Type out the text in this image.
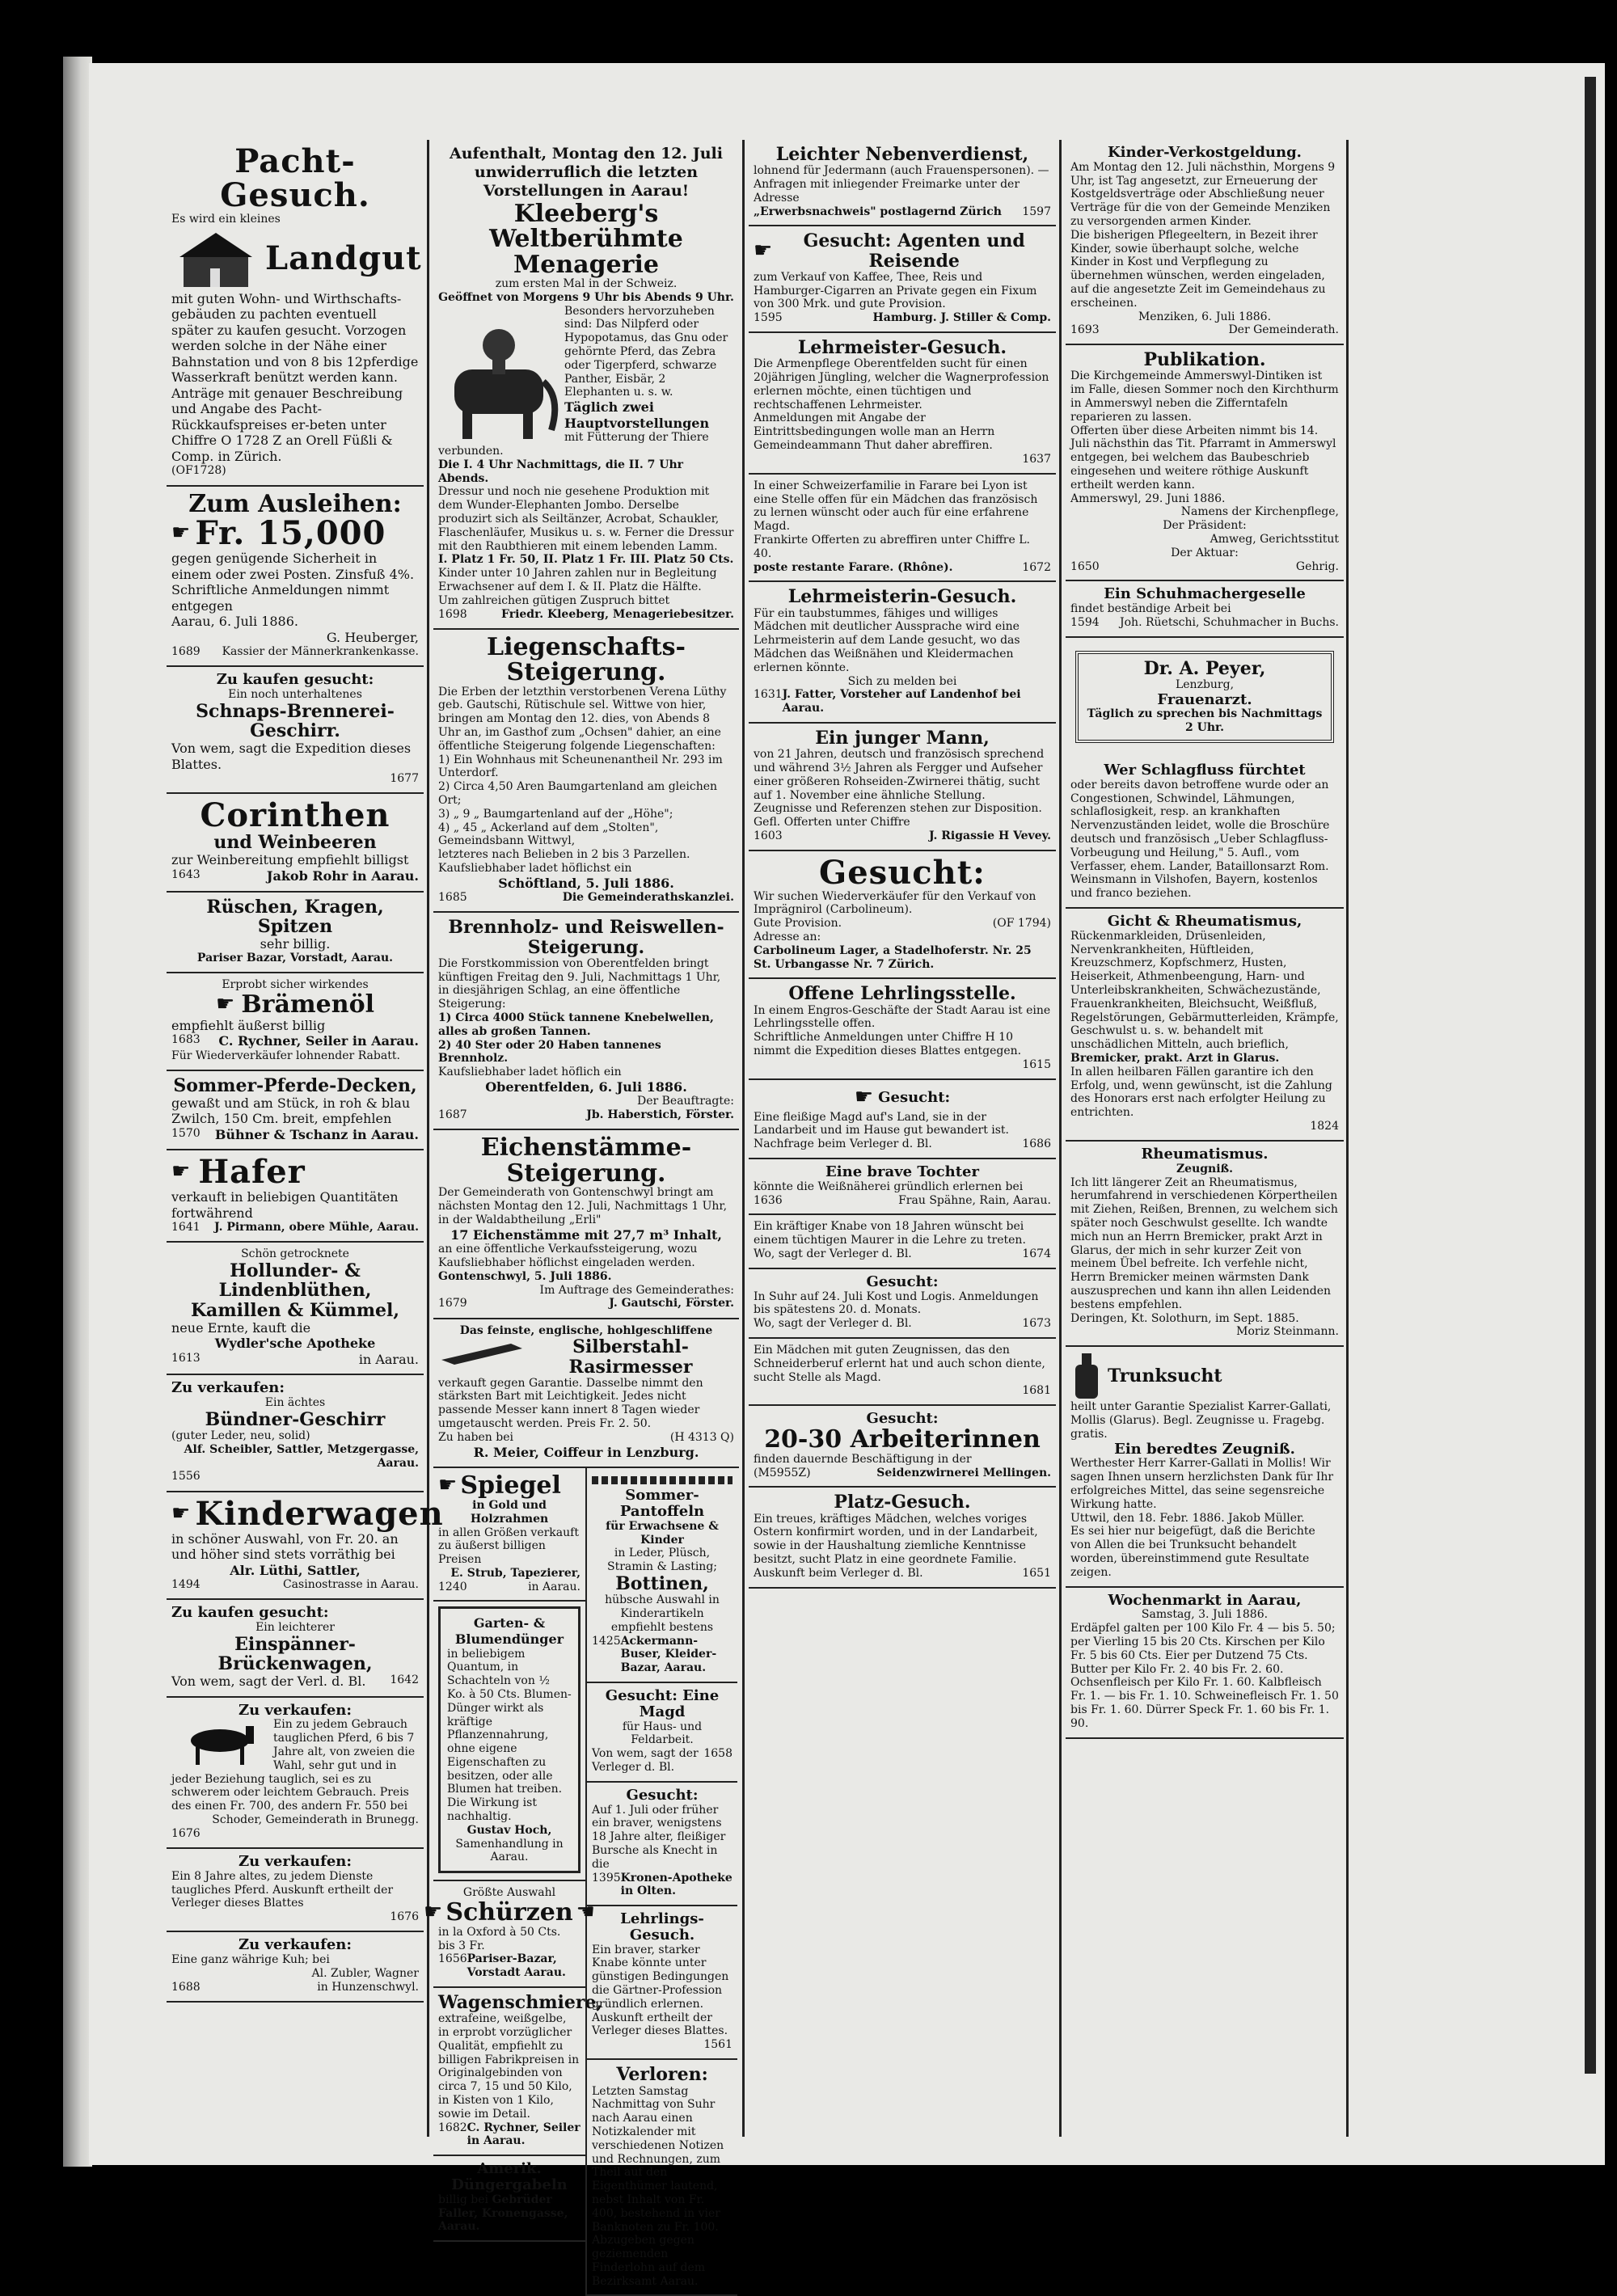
Pacht-Gesuch.
Es wird ein kleines
Landgut
mit guten Wohn- und Wirthschafts-gebäuden zu pachten eventuell später zu kaufen gesucht. Vorzogen werden solche in der Nähe einer Bahnstation und von 8 bis 12pferdige Wasserkraft benützt werden kann.
Anträge mit genauer Beschreibung und Angabe des Pacht- Rückkaufspreises er-beten unter Chiffre O 1728 Z an Orell Füßli & Comp. in Zürich.
(OF1728)
Zum Ausleihen:
☛ Fr. 15,000
gegen genügende Sicherheit in einem oder zwei Posten. Zinsfuß 4%. Schriftliche Anmeldungen nimmt entgegen
Aarau, 6. Juli 1886.
G. Heuberger,
1689 Kassier der Männerkrankenkasse.
Zu kaufen gesucht:
Ein noch unterhaltenes
Schnaps-Brennerei-Geschirr.
Von wem, sagt die Expedition dieses Blattes.
1677
Corinthen
und Weinbeeren
zur Weinbereitung empfiehlt billigst
1643	Jakob Rohr in Aarau.
Rüschen, Kragen, Spitzen
sehr billig.
Pariser Bazar, Vorstadt, Aarau.
Erprobt sicher wirkendes
☛ Brämenöl
empfiehlt äußerst billig
1683 C. Rychner, Seiler in Aarau.
Für Wiederverkäufer lohnender Rabatt.
Sommer-Pferde-Decken,
gewaßt und am Stück, in roh & blau Zwilch, 150 Cm. breit, empfehlen
1570 Bühner & Tschanz in Aarau.
☛ Hafer
verkauft in beliebigen Quantitäten fortwährend
1641 J. Pirmann, obere Mühle, Aarau.
Schön getrocknete
Hollunder- & Lindenblüthen, Kamillen & Kümmel,
neue Ernte, kauft die
Wydler'sche Apotheke
1613	in Aarau.
Zu verkaufen:
Ein ächtes
Bündner-Geschirr
(guter Leder, neu, solid)
Alf. Scheibler, Sattler, Metzgergasse, Aarau.
1556
☛ Kinderwagen
in schöner Auswahl, von Fr. 20. an und höher sind stets vorräthig bei
Alr. Lüthi, Sattler,
1494	Casinostrasse in Aarau.
Zu kaufen gesucht:
Ein leichterer
Einspänner-Brückenwagen,
Von wem, sagt der Verl. d. Bl. 1642
Zu verkaufen:
Ein zu jedem Gebrauch tauglichen Pferd, 6 bis 7 Jahre alt, von zweien die Wahl, sehr gut und in jeder Beziehung tauglich, sei es zu schwerem oder leichtem Gebrauch. Preis des einen Fr. 700, des andern Fr. 550 bei
Schoder, Gemeinderath in Brunegg.
1676
Zu verkaufen:
Ein 8 Jahre altes, zu jedem Dienste taugliches Pferd. Auskunft ertheilt der Verleger dieses Blattes
1676
Zu verkaufen:
Eine ganz währige Kuh; bei
Al. Zubler, Wagner
1688	in Hunzenschwyl.
Aufenthalt, Montag den 12. Juli unwiderruflich die letzten Vorstellungen in Aarau!
Kleeberg's
Weltberühmte Menagerie
zum ersten Mal in der Schweiz.
Geöffnet von Morgens 9 Uhr bis Abends 9 Uhr.
Besonders hervorzuheben sind: Das Nilpferd oder Hypopotamus, das Gnu oder gehörnte Pferd, das Zebra oder Tigerpferd, schwarze Panther, Eisbär, 2 Elephanten u. s. w.
Täglich zwei Hauptvorstellungen
mit Fütterung der Thiere verbunden.
Die I. 4 Uhr Nachmittags, die II. 7 Uhr Abends.
Dressur und noch nie gesehene Produktion mit dem Wunder-Elephanten Jombo. Derselbe produzirt sich als Seiltänzer, Acrobat, Schaukler, Flaschenläufer, Musikus u. s. w. Ferner die Dressur mit den Raubthieren mit einem lebenden Lamm.
I. Platz 1 Fr. 50, II. Platz 1 Fr. III. Platz 50 Cts.
Kinder unter 10 Jahren zahlen nur in Begleitung Erwachsener auf dem I. & II. Platz die Hälfte.
Um zahlreichen gütigen Zuspruch bittet
1698	Friedr. Kleeberg, Menageriebesitzer.
Liegenschafts-Steigerung.
Die Erben der letzthin verstorbenen Verena Lüthy geb. Gautschi, Rütischule sel. Wittwe von hier, bringen am Montag den 12. dies, von Abends 8 Uhr an, im Gasthof zum „Ochsen" dahier, an eine öffentliche Steigerung folgende Liegenschaften:
1) Ein Wohnhaus mit Scheunenantheil Nr. 293 im Unterdorf.
2) Circa 4,50 Aren Baumgartenland am gleichen Ort;
3) „ 9 „ Baumgartenland auf der „Höhe";
4) „ 45 „ Ackerland auf dem „Stolten", Gemeindsbann Wittwyl,
letzteres nach Belieben in 2 bis 3 Parzellen. Kaufsliebhaber ladet höflichst ein
Schöftland, 5. Juli 1886.
1685	Die Gemeinderathskanzlei.
Brennholz- und Reiswellen-Steigerung.
Die Forstkommission von Oberentfelden bringt künftigen Freitag den 9. Juli, Nachmittags 1 Uhr, in diesjährigen Schlag, an eine öffentliche Steigerung:
1) Circa 4000 Stück tannene Knebelwellen, alles ab großen Tannen.
2) 40 Ster oder 20 Haben tannenes Brennholz.
Kaufsliebhaber ladet höflich ein
Oberentfelden, 6. Juli 1886.
Der Beauftragte:
1687	Jb. Haberstich, Förster.
Eichenstämme-Steigerung.
Der Gemeinderath von Gontenschwyl bringt am nächsten Montag den 12. Juli, Nachmittags 1 Uhr, in der Waldabtheilung „Erli"
17 Eichenstämme mit 27,7 m³ Inhalt,
an eine öffentliche Verkaufssteigerung, wozu Kaufsliebhaber höflichst eingeladen werden.
Gontenschwyl, 5. Juli 1886.
Im Auftrage des Gemeinderathes:
1679	J. Gautschi, Förster.
Das feinste, englische, hohlgeschliffene
Silberstahl-Rasirmesser
verkauft gegen Garantie. Dasselbe nimmt den stärksten Bart mit Leichtigkeit. Jedes nicht passende Messer kann innert 8 Tagen wieder umgetauscht werden. Preis Fr. 2. 50.
Zu haben bei	(H 4313 Q)
R. Meier, Coiffeur in Lenzburg.
☛ Spiegel
in Gold und Holzrahmen
in allen Größen verkauft zu äußerst billigen Preisen
E. Strub, Tapezierer,
1240	in Aarau.
Garten- & Blumendünger
in beliebigem Quantum, in Schachteln von ½ Ko. à 50 Cts. Blumen-Dünger wirkt als kräftige Pflanzennahrung, ohne eigene Eigenschaften zu besitzen, oder alle Blumen hat treiben. Die Wirkung ist nachhaltig.
Gustav Hoch,
Samenhandlung in Aarau.
Größte Auswahl
☛ Schürzen ☚
in la Oxford à 50 Cts. bis 3 Fr.
1656 Pariser-Bazar, Vorstadt Aarau.
Wagenschmiere,
extrafeine, weißgelbe, in erprobt vorzüglicher Qualität, empfiehlt zu billigen Fabrikpreisen in Originalgebinden von circa 7, 15 und 50 Kilo, in Kisten von 1 Kilo, sowie im Detail.
1682 C. Rychner, Seiler in Aarau.
Amerik. Düngergabeln
billig bei Gebrüder Faller, Kronengasse, Aarau.
Sommer-Pantoffeln
für Erwachsene & Kinder
in Leder, Plüsch, Stramin & Lasting;
Bottinen,
hübsche Auswahl in Kinderartikeln empfiehlt bestens
1425 Ackermann-Buser, Kleider-Bazar, Aarau.
Gesucht: Eine Magd
für Haus- und Feldarbeit.
Von wem, sagt der Verleger d. Bl.
1658
Gesucht:
Auf 1. Juli oder früher ein braver, wenigstens 18 Jahre alter, fleißiger Bursche als Knecht in die
1395 Kronen-Apotheke in Olten.
Lehrlings-Gesuch.
Ein braver, starker Knabe könnte unter günstigen Bedingungen die Gärtner-Profession gründlich erlernen. Auskunft ertheilt der Verleger dieses Blattes.
1561
Verloren:
Letzten Samstag Nachmittag von Suhr nach Aarau einen Notizkalender mit verschiedenen Notizen und Rechnungen, zum Theil auf den Eigenthümer lautend, nebst Inhalt von Fr. 400, bestehend in vier Banknoten zu Fr. 100.
Abzugeben gegen geziemenden Finderlohn auf dem Bezirksamt Aarau.
Leichter Nebenverdienst,
lohnend für Jedermann (auch Frauenspersonen). — Anfragen mit inliegender Freimarke unter der Adresse
„Erwerbsnachweis" postlagernd Zürich 1597
☛	Gesucht: Agenten und Reisende
zum Verkauf von Kaffee, Thee, Reis und Hamburger-Cigarren an Private gegen ein Fixum von 300 Mrk. und gute Provision.
1595	Hamburg. J. Stiller & Comp.
Lehrmeister-Gesuch.
Die Armenpflege Oberentfelden sucht für einen 20jährigen Jüngling, welcher die Wagnerprofession erlernen möchte, einen tüchtigen und rechtschaffenen Lehrmeister.
Anmeldungen mit Angabe der Eintrittsbedingungen wolle man an Herrn Gemeindeammann Thut daher abreffiren.
1637
In einer Schweizerfamilie in Farare bei Lyon ist eine Stelle offen für ein Mädchen das französisch zu lernen wünscht oder auch für eine erfahrene Magd.
Frankirte Offerten zu abreffiren unter Chiffre L. 40.
poste restante Farare. (Rhône).	1672
Lehrmeisterin-Gesuch.
Für ein taubstummes, fähiges und williges Mädchen mit deutlicher Aussprache wird eine Lehrmeisterin auf dem Lande gesucht, wo das Mädchen das Weißnähen und Kleidermachen erlernen könnte.
Sich zu melden bei
1631 J. Fatter, Vorsteher auf Landenhof bei Aarau.
Ein junger Mann,
von 21 Jahren, deutsch und französisch sprechend und während 3½ Jahren als Fergger und Aufseher einer größeren Rohseiden-Zwirnerei thätig, sucht auf 1. November eine ähnliche Stellung.
Zeugnisse und Referenzen stehen zur Disposition. Gefl. Offerten unter Chiffre
1603	J. Rigassie H Vevey.
Gesucht:
Wir suchen Wiederverkäufer für den Verkauf von Imprägnirol (Carbolineum).
Gute Provision.	(OF 1794)
Adresse an:
Carbolineum Lager, a Stadelhoferstr. Nr. 25 St. Urbangasse Nr. 7 Zürich.
Offene Lehrlingsstelle.
In einem Engros-Geschäfte der Stadt Aarau ist eine Lehrlingsstelle offen.
Schriftliche Anmeldungen unter Chiffre H 10 nimmt die Expedition dieses Blattes entgegen.
1615
☛ Gesucht:
Eine fleißige Magd auf's Land, sie in der Landarbeit und im Hause gut bewandert ist.
Nachfrage beim Verleger d. Bl.	1686
Eine brave Tochter
könnte die Weißnäherei gründlich erlernen bei
1636	Frau Spähne, Rain, Aarau.
Ein kräftiger Knabe von 18 Jahren wünscht bei einem tüchtigen Maurer in die Lehre zu treten.
Wo, sagt der Verleger d. Bl.	1674
Gesucht:
In Suhr auf 24. Juli Kost und Logis. Anmeldungen bis spätestens 20. d. Monats.
Wo, sagt der Verleger d. Bl.	1673
Ein Mädchen mit guten Zeugnissen, das den Schneiderberuf erlernt hat und auch schon diente, sucht Stelle als Magd.
1681
Gesucht:
20-30 Arbeiterinnen
finden dauernde Beschäftigung in der
(M5955Z)	Seidenzwirnerei Mellingen.
Platz-Gesuch.
Ein treues, kräftiges Mädchen, welches voriges Ostern konfirmirt worden, und in der Landarbeit, sowie in der Haushaltung ziemliche Kenntnisse besitzt, sucht Platz in eine geordnete Familie.
Auskunft beim Verleger d. Bl.	1651
Kinder-Verkostgeldung.
Am Montag den 12. Juli nächsthin, Morgens 9 Uhr, ist Tag angesetzt, zur Erneuerung der Kostgeldsverträge oder Abschließung neuer Verträge für die von der Gemeinde Menziken zu versorgenden armen Kinder.
Die bisherigen Pflegeeltern, in Bezeit ihrer Kinder, sowie überhaupt solche, welche Kinder in Kost und Verpflegung zu übernehmen wünschen, werden eingeladen, auf die angesetzte Zeit im Gemeindehaus zu erscheinen.
Menziken, 6. Juli 1886.
1693	Der Gemeinderath.
Publikation.
Die Kirchgemeinde Ammerswyl-Dintiken ist im Falle, diesen Sommer noch den Kirchthurm in Ammerswyl neben die Zifferntafeln reparieren zu lassen.
Offerten über diese Arbeiten nimmt bis 14. Juli nächsthin das Tit. Pfarramt in Ammerswyl entgegen, bei welchem das Baubeschrieb eingesehen und weitere röthige Auskunft ertheilt werden kann.
Ammerswyl, 29. Juni 1886.
Namens der Kirchenpflege,
Der Präsident:
Amweg, Gerichtsstitut
Der Aktuar:
1650	Gehrig.
Ein Schuhmachergeselle
findet beständige Arbeit bei
1594 Joh. Rüetschi, Schuhmacher in Buchs.
Dr. A. Peyer,
Lenzburg,
Frauenarzt.
Täglich zu sprechen bis Nachmittags 2 Uhr.
Wer Schlagfluss fürchtet
oder bereits davon betroffene wurde oder an Congestionen, Schwindel, Lähmungen, schlaflosigkeit, resp. an krankhaften Nervenzuständen leidet, wolle die Broschüre deutsch und französisch „Ueber Schlagfluss-Vorbeugung und Heilung," 5. Aufl., vom Verfasser, ehem. Lander, Bataillonsarzt Rom. Weinsmann in Vilshofen, Bayern, kostenlos und franco beziehen.
Gicht & Rheumatismus,
Rückenmarkleiden, Drüsenleiden, Nervenkrankheiten, Hüftleiden, Kreuzschmerz, Kopfschmerz, Husten, Heiserkeit, Athmenbeengung, Harn- und Unterleibskrankheiten, Schwächezustände, Frauenkrankheiten, Bleichsucht, Weißfluß, Regelstörungen, Gebärmutterleiden, Krämpfe, Geschwulst u. s. w. behandelt mit unschädlichen Mitteln, auch brieflich,
Bremicker, prakt. Arzt in Glarus.
In allen heilbaren Fällen garantire ich den Erfolg, und, wenn gewünscht, ist die Zahlung des Honorars erst nach erfolgter Heilung zu entrichten.
1824
Rheumatismus.
Zeugniß.
Ich litt längerer Zeit an Rheumatismus, herumfahrend in verschiedenen Körpertheilen mit Ziehen, Reißen, Brennen, zu welchem sich später noch Geschwulst gesellte. Ich wandte mich nun an Herrn Bremicker, prakt Arzt in Glarus, der mich in sehr kurzer Zeit von meinem Übel befreite. Ich verfehle nicht, Herrn Bremicker meinen wärmsten Dank auszusprechen und kann ihn allen Leidenden bestens empfehlen.
Deringen, Kt. Solothurn, im Sept. 1885.
Moriz Steinmann.
Trunksucht
heilt unter Garantie Spezialist Karrer-Gallati, Mollis (Glarus). Begl. Zeugnisse u. Fragebg. gratis.
Ein beredtes Zeugniß.
Werthester Herr Karrer-Gallati in Mollis! Wir sagen Ihnen unsern herzlichsten Dank für Ihr erfolgreiches Mittel, das seine segensreiche Wirkung hatte.
Uttwil, den 18. Febr. 1886. Jakob Müller.
Es sei hier nur beigefügt, daß die Berichte von Allen die bei Trunksucht behandelt worden, übereinstimmend gute Resultate zeigen.
Wochenmarkt in Aarau,
Samstag, 3. Juli 1886.
Erdäpfel galten per 100 Kilo Fr. 4 — bis 5. 50; per Vierling 15 bis 20 Cts. Kirschen per Kilo Fr. 5 bis 60 Cts. Eier per Dutzend 75 Cts. Butter per Kilo Fr. 2. 40 bis Fr. 2. 60. Ochsenfleisch per Kilo Fr. 1. 60. Kalbfleisch Fr. 1. — bis Fr. 1. 10. Schweinefleisch Fr. 1. 50 bis Fr. 1. 60. Dürrer Speck Fr. 1. 60 bis Fr. 1. 90.
